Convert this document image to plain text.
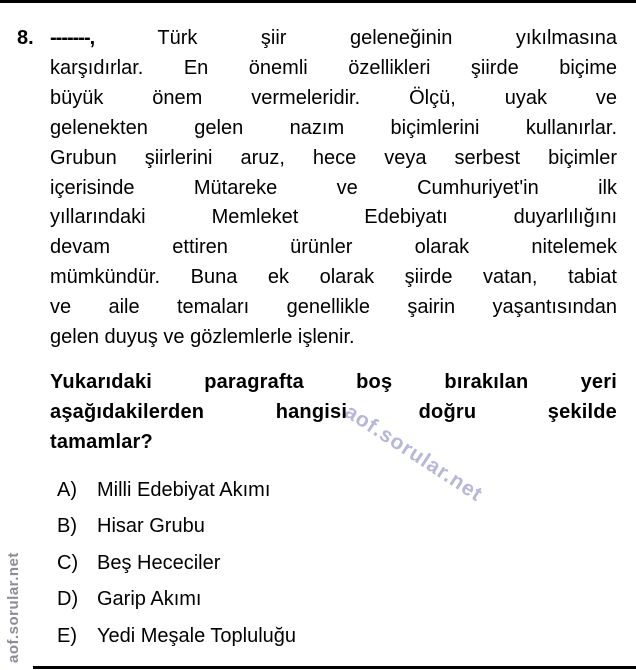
aof.sorular.net
aof.sorular.net
8. -------,	Türk şiir geleneğinin yıkılmasına
karşıdırlar. En önemli özellikleri şiirde biçime
büyük önem vermeleridir. Ölçü, uyak ve
gelenekten gelen nazım biçimlerini kullanırlar.
Grubun şiirlerini aruz, hece veya serbest biçimler
içerisinde Mütareke ve Cumhuriyet'in ilk
yıllarındaki Memleket Edebiyatı duyarlılığını
devam ettiren ürünler olarak nitelemek
mümkündür. Buna ek olarak şiirde vatan, tabiat
ve aile temaları genellikle şairin yaşantısından
gelen duyuş ve gözlemlerle işlenir.
Yukarıdaki paragrafta boş bırakılan yeri
aşağıdakilerden hangisi doğru şekilde
tamamlar?
A)	Milli Edebiyat Akımı
B)	Hisar Grubu
C) Beş Hececiler
D) Garip Akımı
E)	Yedi Meşale Topluluğu
